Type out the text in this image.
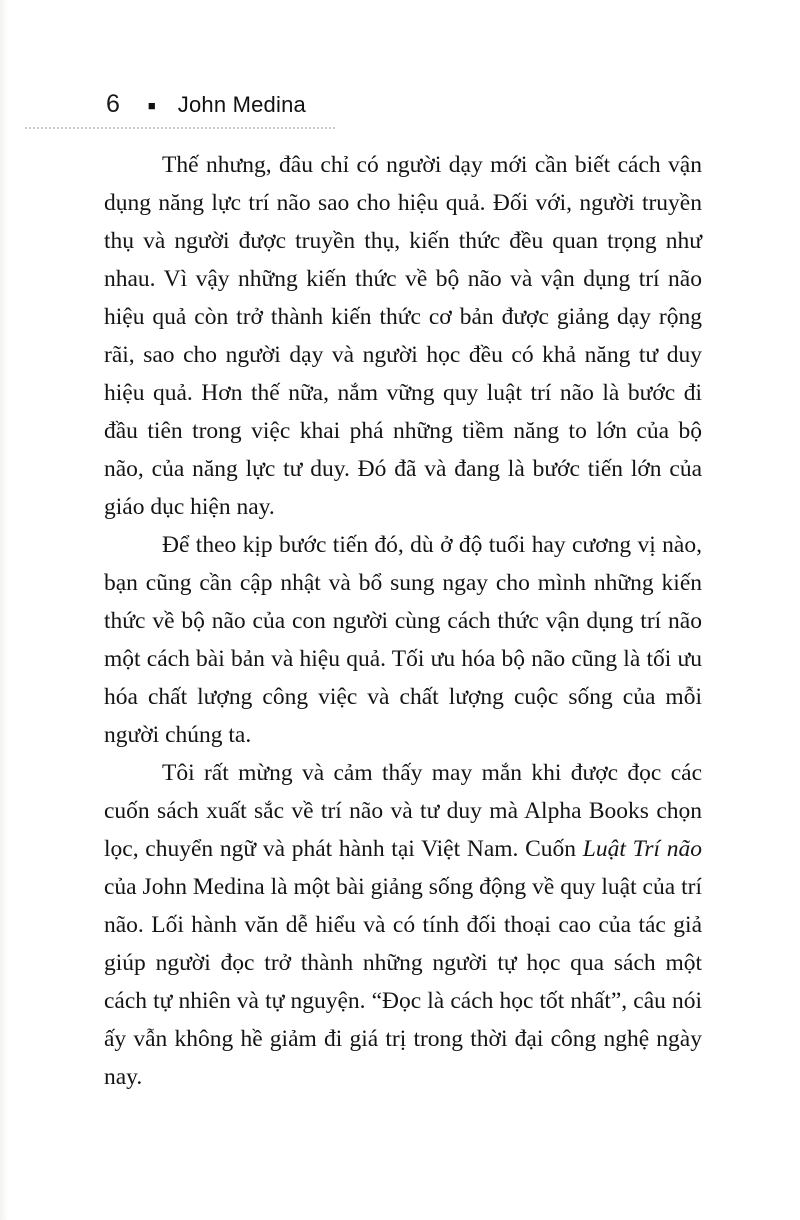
6 ■ John Medina

Thế nhưng, đâu chỉ có người dạy mới cần biết cách vận dụng năng lực trí não sao cho hiệu quả. Đối với, người truyền thụ và người được truyền thụ, kiến thức đều quan trọng như nhau. Vì vậy những kiến thức về bộ não và vận dụng trí não hiệu quả còn trở thành kiến thức cơ bản được giảng dạy rộng rãi, sao cho người dạy và người học đều có khả năng tư duy hiệu quả. Hơn thế nữa, nắm vững quy luật trí não là bước đi đầu tiên trong việc khai phá những tiềm năng to lớn của bộ não, của năng lực tư duy. Đó đã và đang là bước tiến lớn của giáo dục hiện nay.

Để theo kịp bước tiến đó, dù ở độ tuổi hay cương vị nào, bạn cũng cần cập nhật và bổ sung ngay cho mình những kiến thức về bộ não của con người cùng cách thức vận dụng trí não một cách bài bản và hiệu quả. Tối ưu hóa bộ não cũng là tối ưu hóa chất lượng công việc và chất lượng cuộc sống của mỗi người chúng ta.

Tôi rất mừng và cảm thấy may mắn khi được đọc các cuốn sách xuất sắc về trí não và tư duy mà Alpha Books chọn lọc, chuyển ngữ và phát hành tại Việt Nam. Cuốn Luật Trí não của John Medina là một bài giảng sống động về quy luật của trí não. Lối hành văn dễ hiểu và có tính đối thoại cao của tác giả giúp người đọc trở thành những người tự học qua sách một cách tự nhiên và tự nguyện. “Đọc là cách học tốt nhất”, câu nói ấy vẫn không hề giảm đi giá trị trong thời đại công nghệ ngày nay.
